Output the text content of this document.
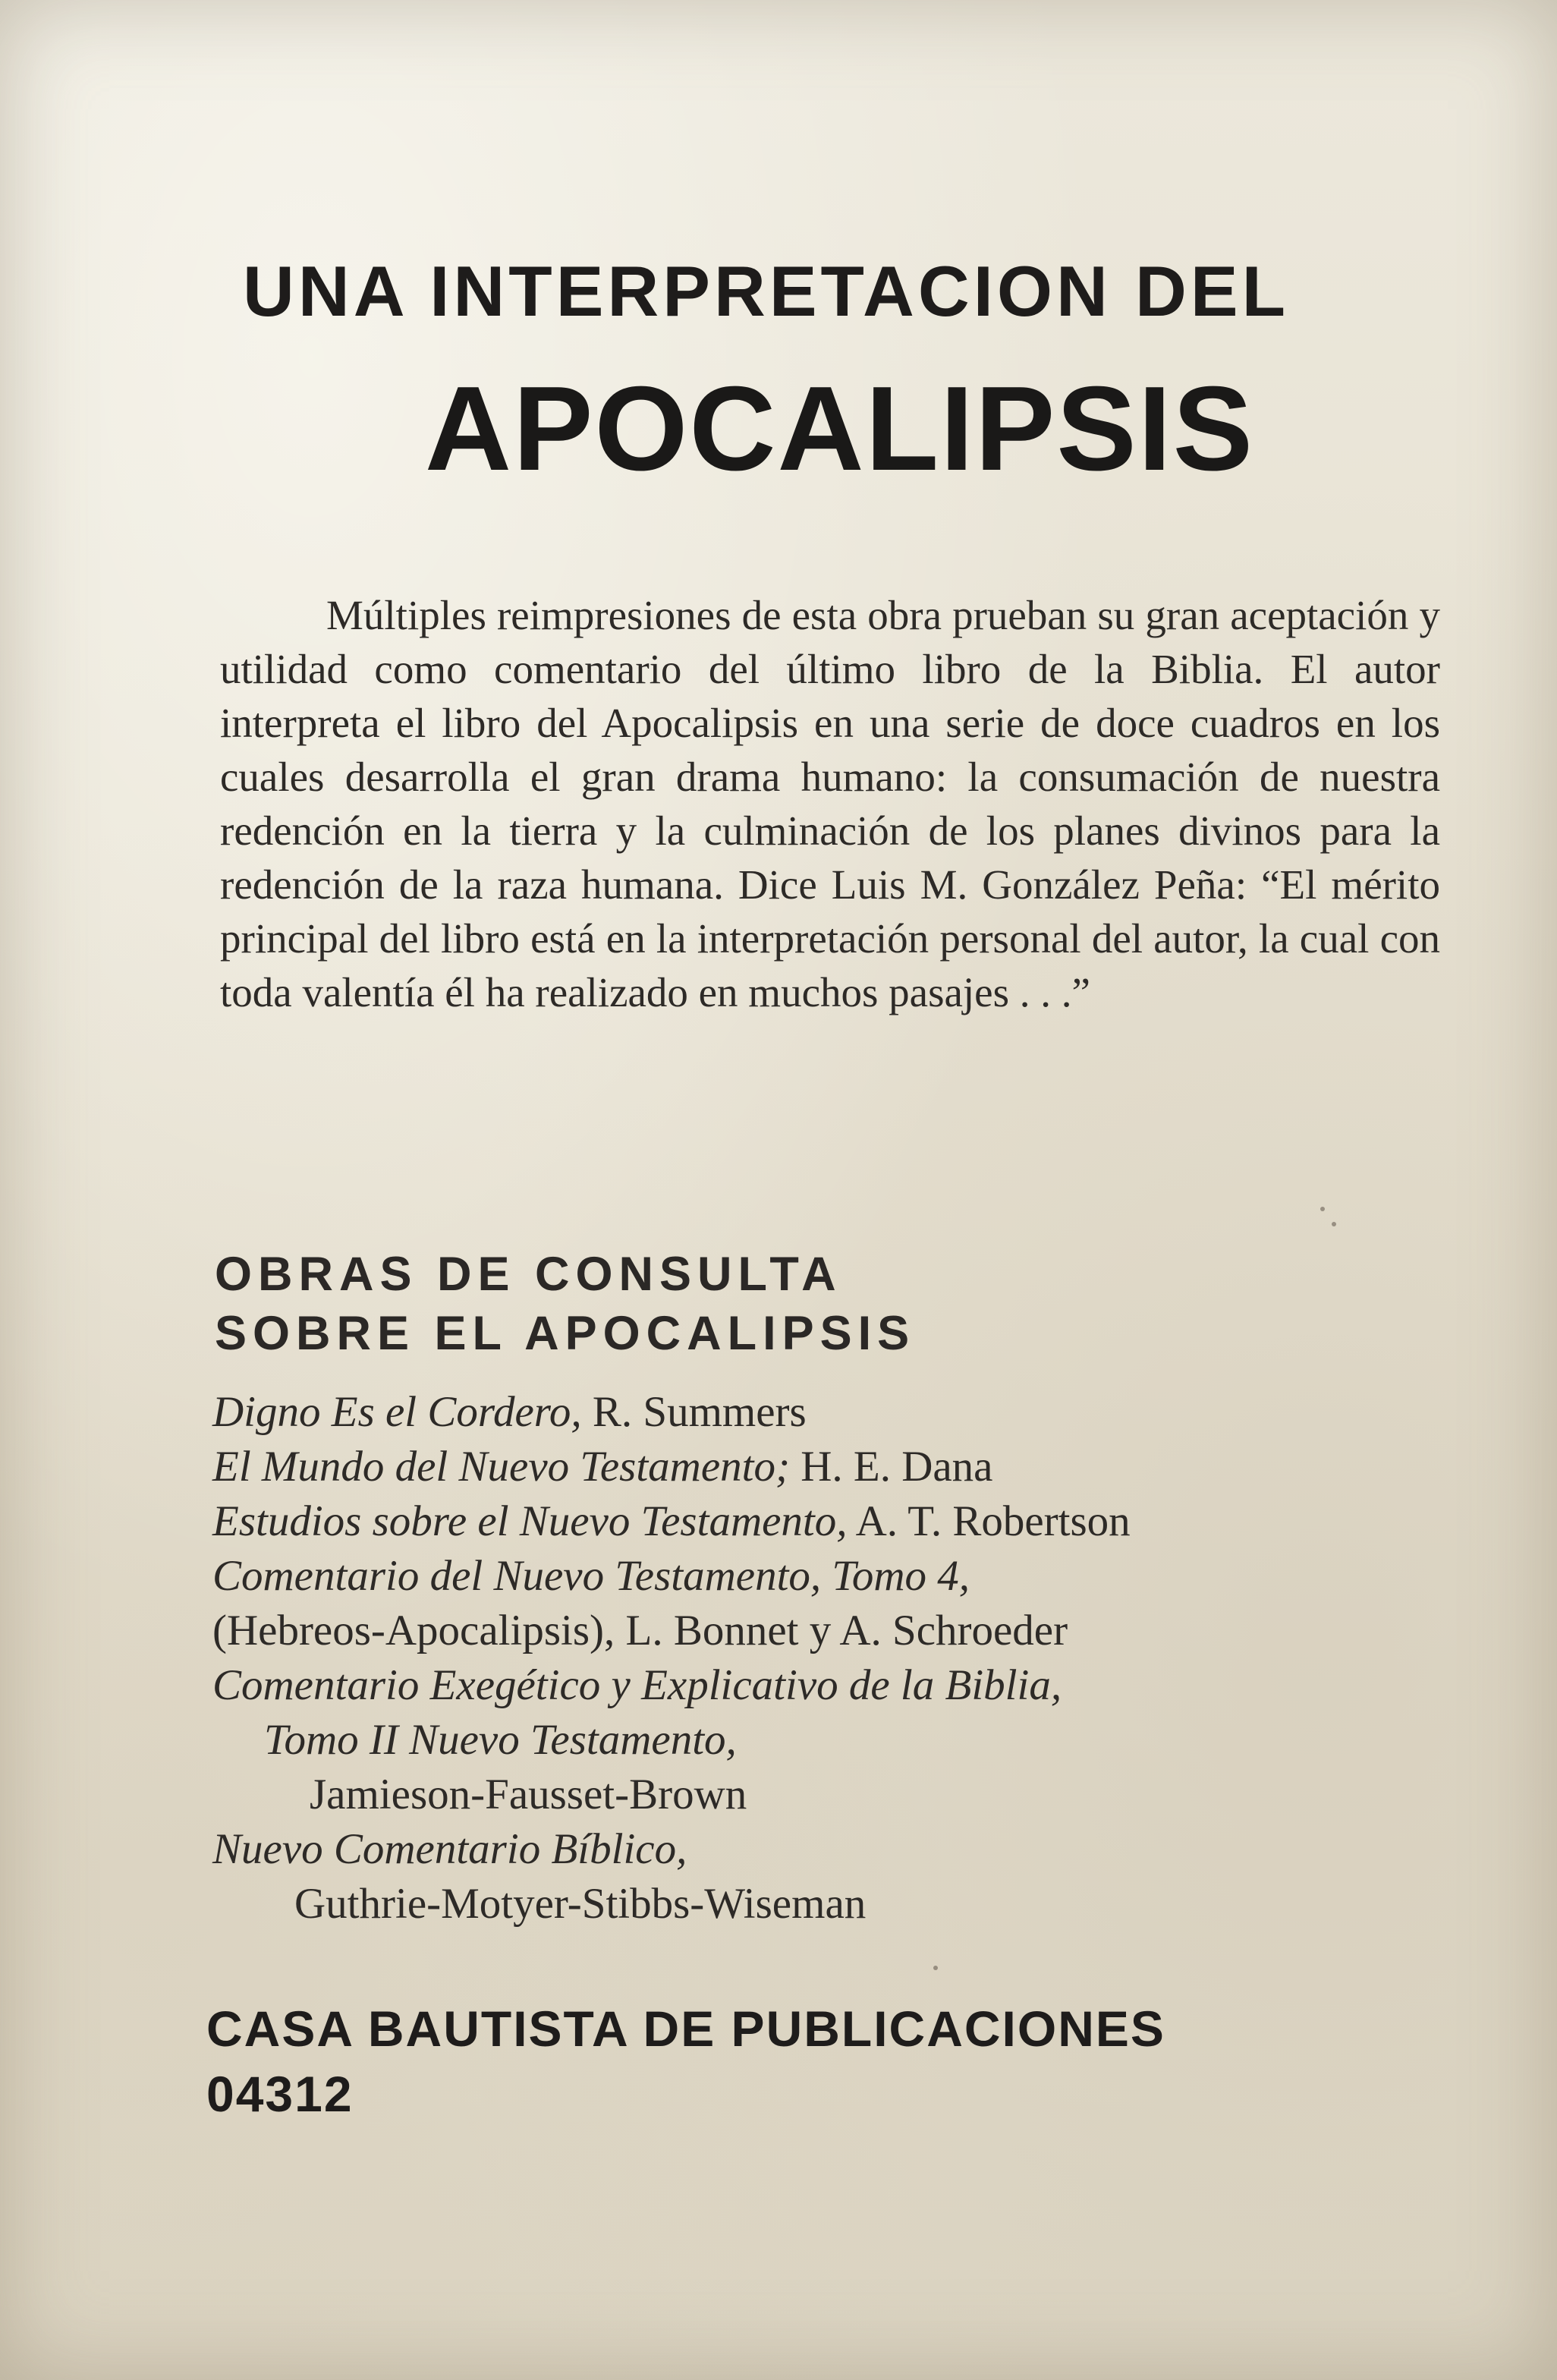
UNA INTERPRETACION DEL
APOCALIPSIS

Múltiples reimpresiones de esta obra prueban su gran aceptación y utilidad como comentario del último libro de la Biblia. El autor interpreta el libro del Apocalipsis en una serie de doce cuadros en los cuales desarrolla el gran drama humano: la consumación de nuestra redención en la tierra y la culminación de los planes divinos para la redención de la raza humana. Dice Luis M. González Peña: “El mérito principal del libro está en la interpretación personal del autor, la cual con toda valentía él ha realizado en muchos pasajes . . .”

OBRAS DE CONSULTA
SOBRE EL APOCALIPSIS
Digno Es el Cordero, R. Summers
El Mundo del Nuevo Testamento; H. E. Dana
Estudios sobre el Nuevo Testamento, A. T. Robertson
Comentario del Nuevo Testamento, Tomo 4,
(Hebreos-Apocalipsis), L. Bonnet y A. Schroeder
Comentario Exegético y Explicativo de la Biblia,
Tomo II Nuevo Testamento,
Jamieson-Fausset-Brown
Nuevo Comentario Bíblico,
Guthrie-Motyer-Stibbs-Wiseman
CASA BAUTISTA DE PUBLICACIONES
04312
